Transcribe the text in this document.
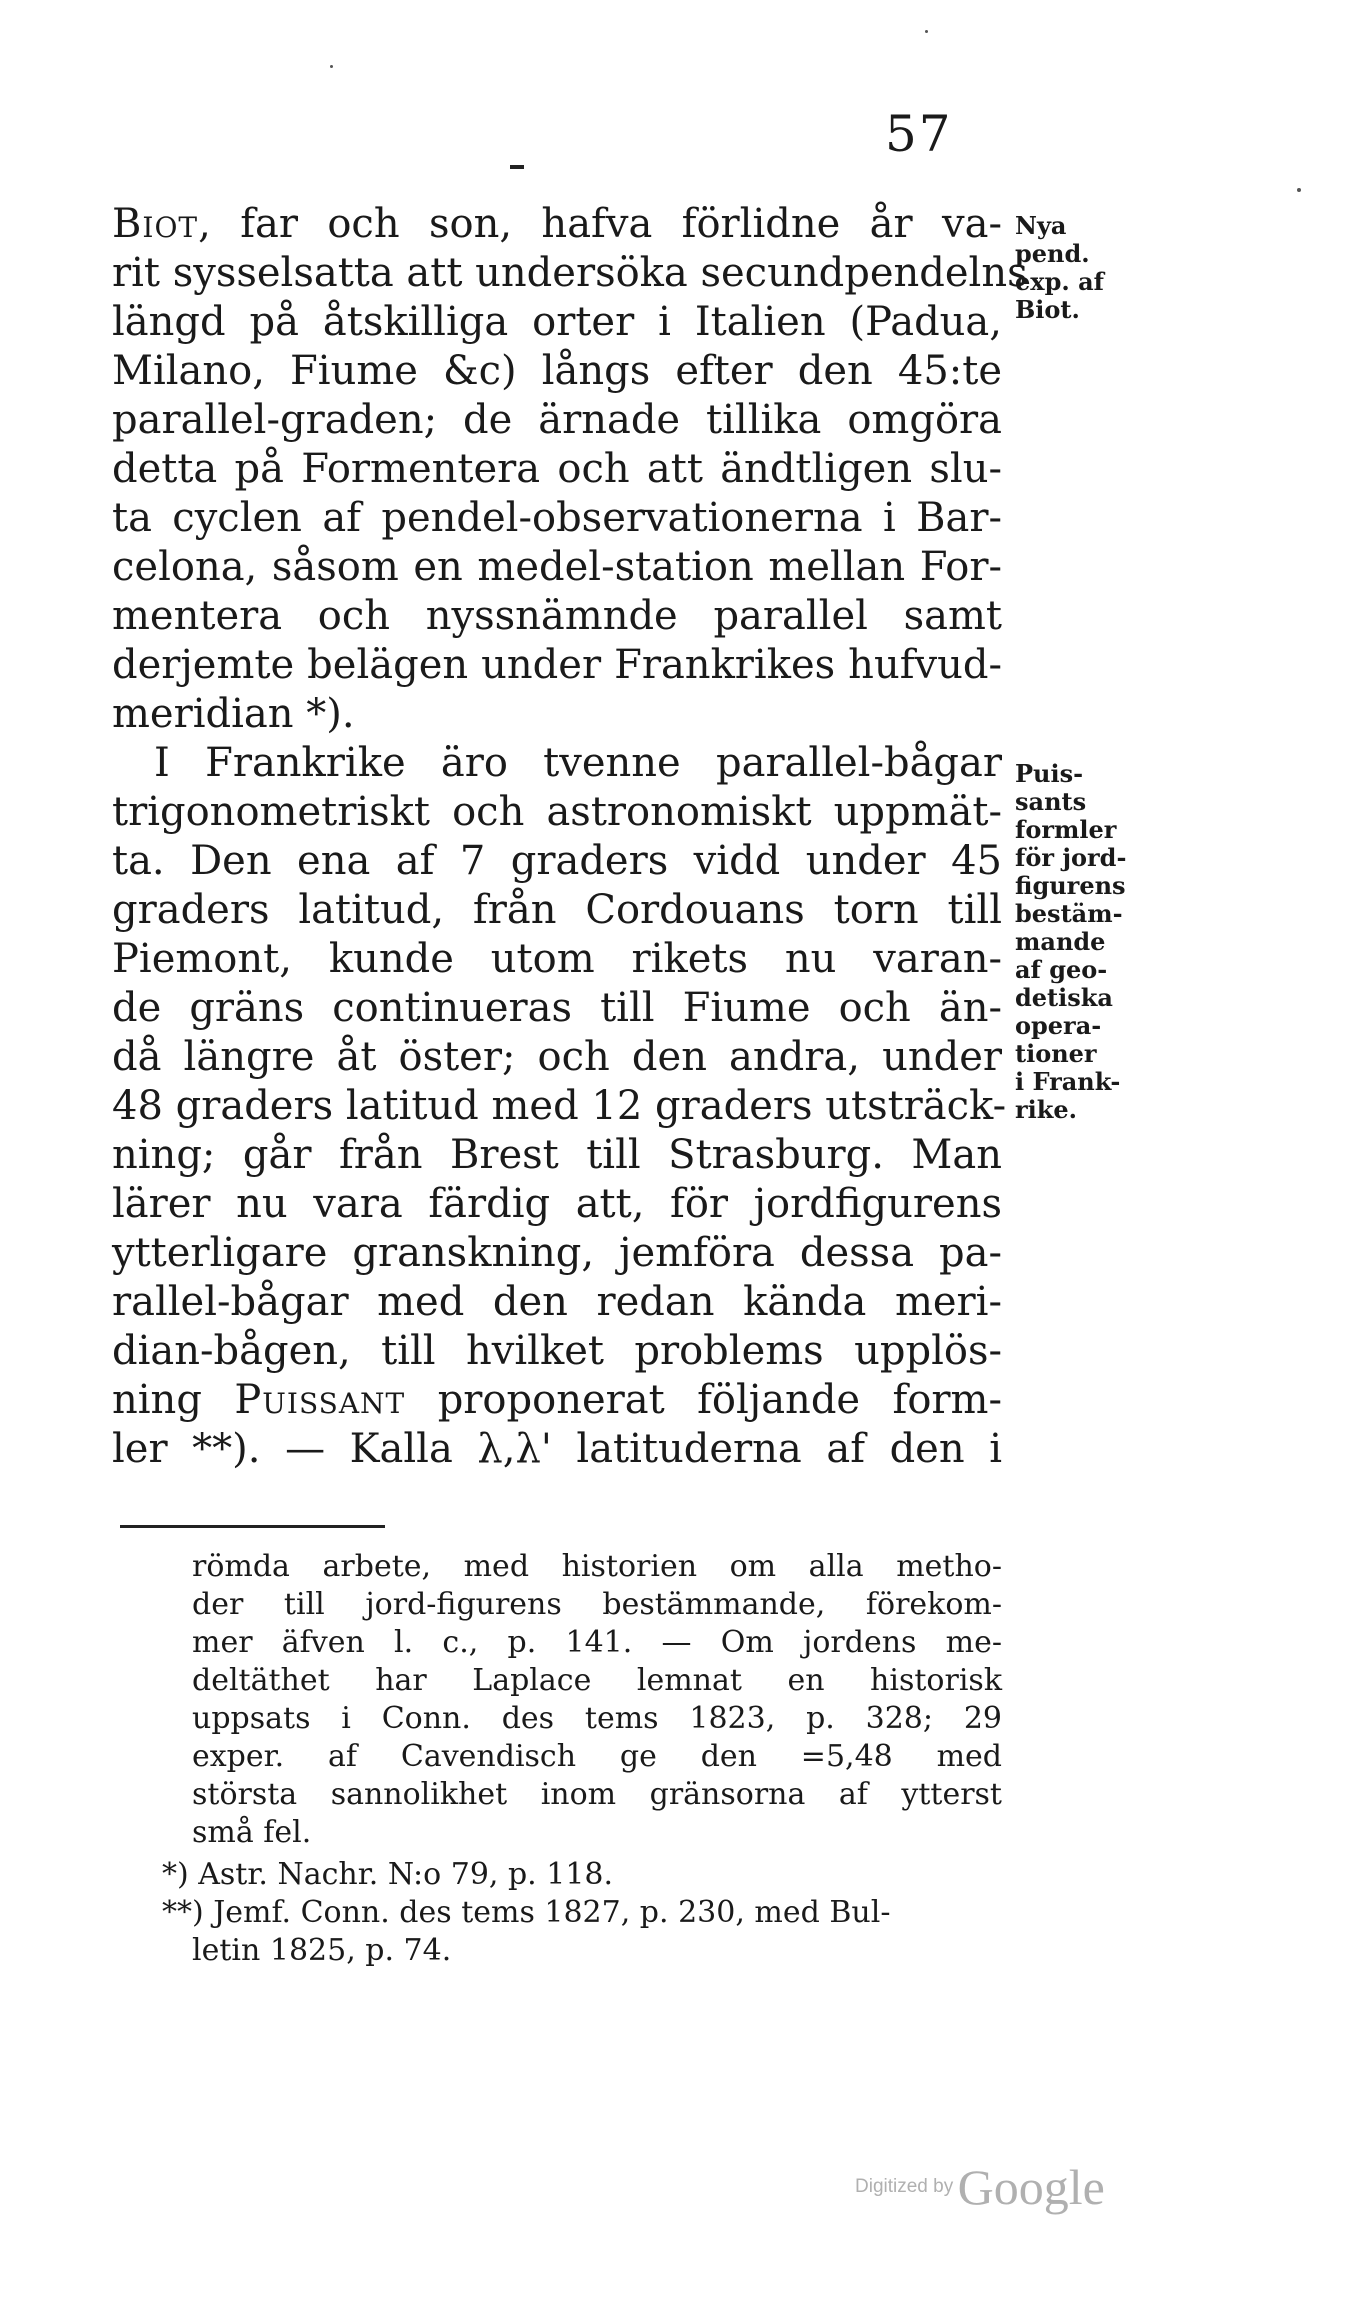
57
Biot, far och son, hafva förlidne år va-
rit sysselsatta att undersöka secundpendelns
längd på åtskilliga orter i Italien (Padua,
Milano, Fiume &c) långs efter den 45:te
parallel-graden; de ärnade tillika omgöra
detta på Formentera och att ändtligen slu-
ta cyclen af pendel-observationerna i Bar-
celona, såsom en medel-station mellan For-
mentera och nyssnämnde parallel samt
derjemte belägen under Frankrikes hufvud-
meridian *).
I Frankrike äro tvenne parallel-bågar
trigonometriskt och astronomiskt uppmät-
ta. Den ena af 7 graders vidd under 45
graders latitud, från Cordouans torn till
Piemont, kunde utom rikets nu varan-
de gräns continueras till Fiume och än-
då längre åt öster; och den andra, under
48 graders latitud med 12 graders utsträck-
ning; går från Brest till Strasburg. Man
lärer nu vara färdig att, för jordfigurens
ytterligare granskning, jemföra dessa pa-
rallel-bågar med den redan kända meri-
dian-bågen, till hvilket problems upplös-
ning Puissant proponerat följande form-
ler **). — Kalla λ,λ' latituderna af den i
Nya
pend.
exp. af
Biot.
Puis-
sants
formler
för jord-
figurens
bestäm-
mande
af geo-
detiska
opera-
tioner
i Frank-
rike.
römda arbete, med historien om alla metho-
der till jord-figurens bestämmande, förekom-
mer äfven l. c., p. 141. — Om jordens me-
deltäthet har Laplace lemnat en historisk
uppsats i Conn. des tems 1823, p. 328; 29
exper. af Cavendisch ge den =5,48 med
största sannolikhet inom gränsorna af ytterst
små fel.
*) Astr. Nachr. N:o 79, p. 118.
**) Jemf. Conn. des tems 1827, p. 230, med Bul-
letin 1825, p. 74.
Digitized by Google
